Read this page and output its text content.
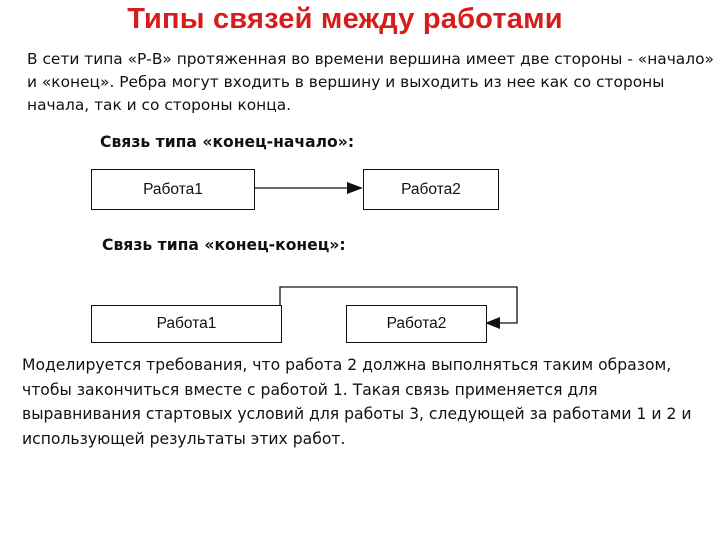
Типы связей между работами

В сети типа «Р-В» протяженная во времени вершина имеет две стороны - «начало» и «конец». Ребра могут входить в вершину и выходить из нее как со стороны начала, так и со стороны конца.

Связь типа «конец-начало»:

Работа1	Работа2

Связь типа «конец-конец»:

Работа1	Работа2

Моделируется требования, что работа 2 должна выполняться таким образом, чтобы закончиться вместе с работой 1. Такая связь применяется для выравнивания стартовых условий для работы 3, следующей за работами 1 и 2 и использующей результаты этих работ.
